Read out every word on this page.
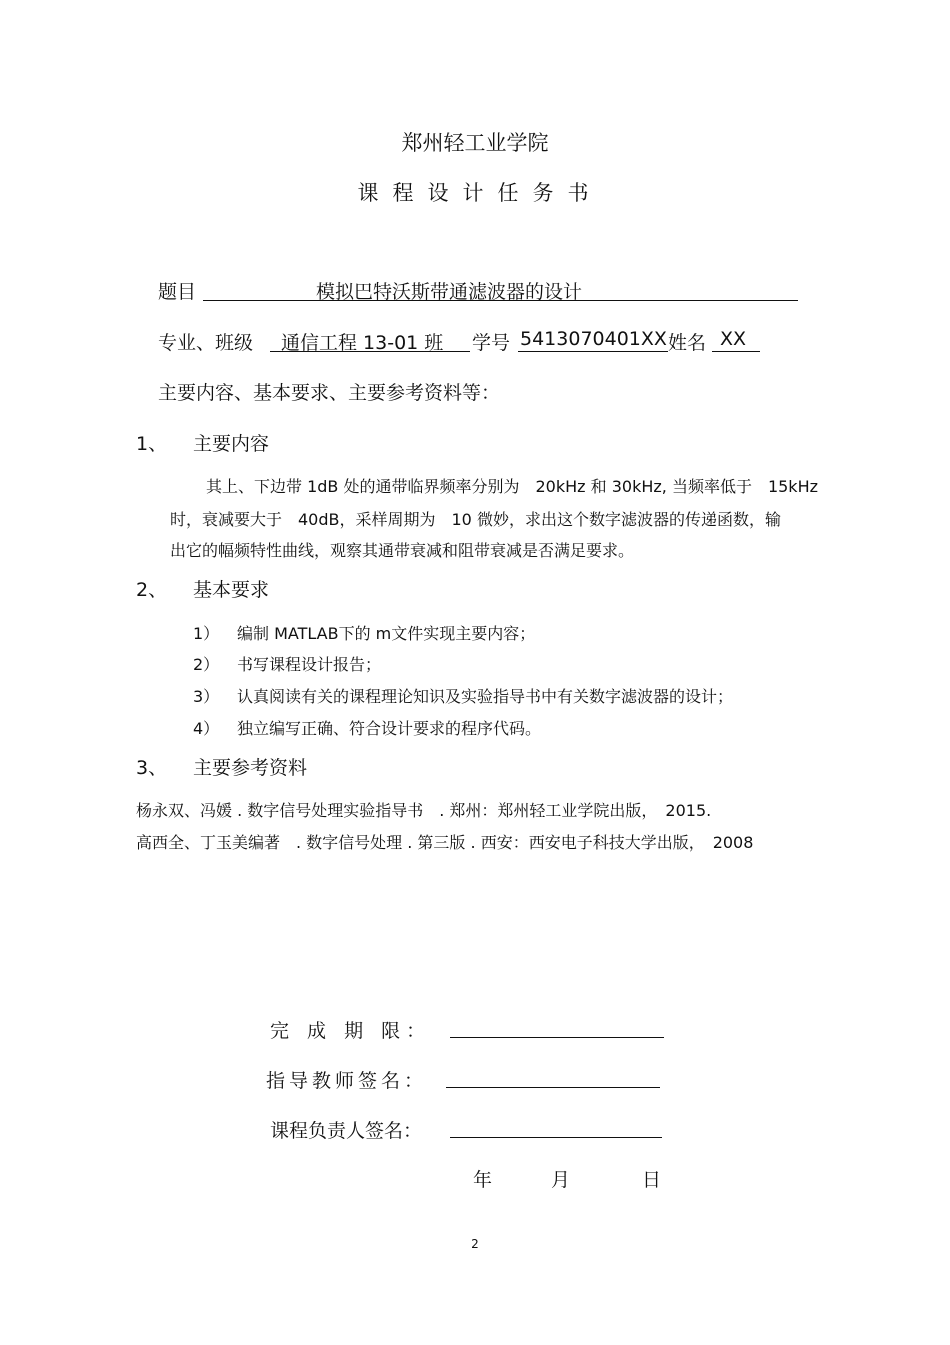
郑州轻工业学院
课程设计任务书
题目	模拟巴特沃斯带通滤波器的设计
专业、班级 通信工程 13-01 班 学号 5413070401XX 姓名 XX
主要内容、基本要求、主要参考资料等：
1、 主要内容
其上、下边带 1dB 处的通带临界频率分别为　20kHz 和 30kHz, 当频率低于　15kHz
时，衰减要大于　40dB，采样周期为　10 微妙，求出这个数字滤波器的传递函数，输
出它的幅频特性曲线，观察其通带衰减和阻带衰减是否满足要求。
2、 基本要求
1） 编制 MATLAB下的 m文件实现主要内容；
2） 书写课程设计报告；
3） 认真阅读有关的课程理论知识及实验指导书中有关数字滤波器的设计；
4） 独立编写正确、符合设计要求的程序代码。
3、 主要参考资料
杨永双、冯媛 . 数字信号处理实验指导书　. 郑州：郑州轻工业学院出版，　2015.
高西全、丁玉美编著　. 数字信号处理 . 第三版 . 西安：西安电子科技大学出版，　2008
完 成 期 限：
指导教师签名：
课程负责人签名：
年	月	日
2
